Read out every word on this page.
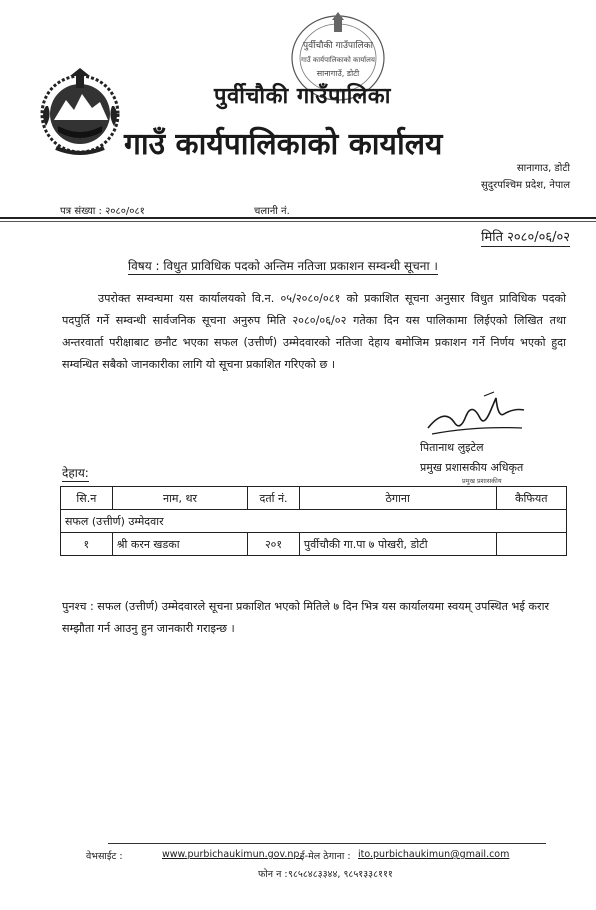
पुर्वीचौकी गाउँपालिका
गाउँ कार्यपालिकाको कार्यालय
सानागाउँ, डोटी
पुर्वीचौकी गाउँपालिका
गाउँ कार्यपालिकाको कार्यालय
सानागाउ, डोटी
सुदुरपश्चिम प्रदेश, नेपाल
पत्र संख्या : २०८०/०८१	चलानी नं.
मिति २०८०/०६/०२
विषय : विधुत प्राविधिक पदको अन्तिम नतिजा प्रकाशन सम्वन्धी सूचना ।

उपरोक्त सम्वन्घमा यस कार्यालयको वि.न. ०५/२०८०/०८१ को प्रकाशित सूचना अनुसार विधुत प्राविधिक पदको पदपुर्ति गर्ने सम्वन्धी सार्वजनिक सूचना अनुरुप मिति २०८०/०६/०२ गतेका दिन यस पालिकामा लिईएको लिखित तथा अन्तरवार्ता परीक्षाबाट छनौट भएका सफल (उत्तीर्ण) उम्मेदवारको नतिजा देहाय बमोजिम प्रकाशन गर्ने निर्णय भएको हुदा सम्वन्धित सबैको जानकारीका लागि यो सूचना प्रकाशित गरिएको छ ।

पितानाथ लुइटेल
प्रमुख प्रशासकीय अधिकृत
प्रमुख प्रशासकीय
देहाय:
सि.न	नाम, थर	दर्ता नं.	ठेगाना	कैफियत
सफल (उत्तीर्ण) उम्मेदवार				
१	श्री करन खडका	२०१	पुर्वीचौकी गा.पा ७ पोखरी, डोटी	

पुनश्च : सफल (उत्तीर्ण) उम्मेदवारले सूचना प्रकाशित भएको मितिले ७ दिन भित्र यस कार्यालयमा स्वयम् उपस्थित भई करार सम्झौता गर्न आउनु हुन जानकारी गराइन्छ ।

वेभसाईट :	www.purbichaukimun.gov.np,
ई-मेल ठेगाना : ito.purbichaukimun@gmail.com
फोन न : ९८५८४८३३४४, ९८५१३३८१११
